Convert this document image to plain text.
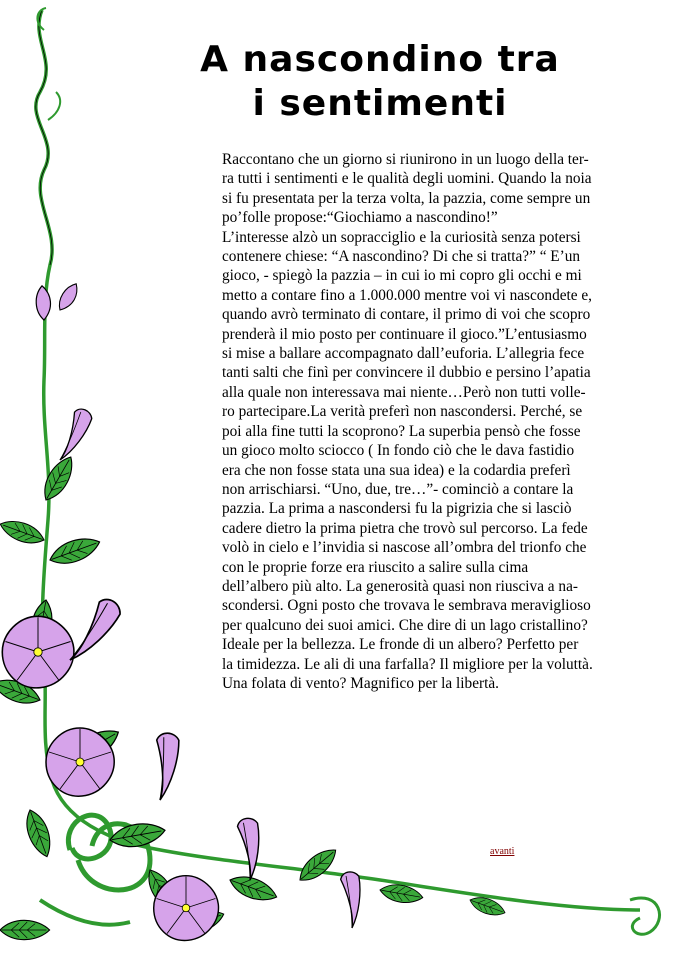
A nascondino tra
i sentimenti
Raccontano che un giorno si riunirono in un luogo della ter-
ra tutti i sentimenti e le qualità degli uomini. Quando la noia
si fu presentata per la terza volta, la pazzia, come sempre un
po’folle propose:“Giochiamo a nascondino!”
L’interesse alzò un sopracciglio e la curiosità senza potersi
contenere chiese: “A nascondino? Di che si tratta?” “ E’un
gioco, - spiegò la pazzia – in cui io mi copro gli occhi e mi
metto a contare fino a 1.000.000 mentre voi vi nascondete e,
quando avrò terminato di contare, il primo di voi che scopro
prenderà il mio posto per continuare il gioco.”L’entusiasmo
si mise a ballare accompagnato dall’euforia. L’allegria fece
tanti salti che finì per convincere il dubbio e persino l’apatia
alla quale non interessava mai niente…Però non tutti volle-
ro partecipare.La verità preferì non nascondersi. Perché, se
poi alla fine tutti la scoprono? La superbia pensò che fosse
un gioco molto sciocco ( In fondo ciò che le dava fastidio
era che non fosse stata una sua idea) e la codardia preferì
non arrischiarsi. “Uno, due, tre…”- cominciò a contare la
pazzia. La prima a nascondersi fu la pigrizia che si lasciò
cadere dietro la prima pietra che trovò sul percorso. La fede
volò in cielo e l’invidia si nascose all’ombra del trionfo che
con le proprie forze era riuscito a salire sulla cima
dell’albero più alto. La generosità quasi non riusciva a na-
scondersi. Ogni posto che trovava le sembrava meraviglioso
per qualcuno dei suoi amici. Che dire di un lago cristallino?
Ideale per la bellezza. Le fronde di un albero? Perfetto per
la timidezza. Le ali di una farfalla? Il migliore per la voluttà.
Una folata di vento? Magnifico per la libertà.
avanti
